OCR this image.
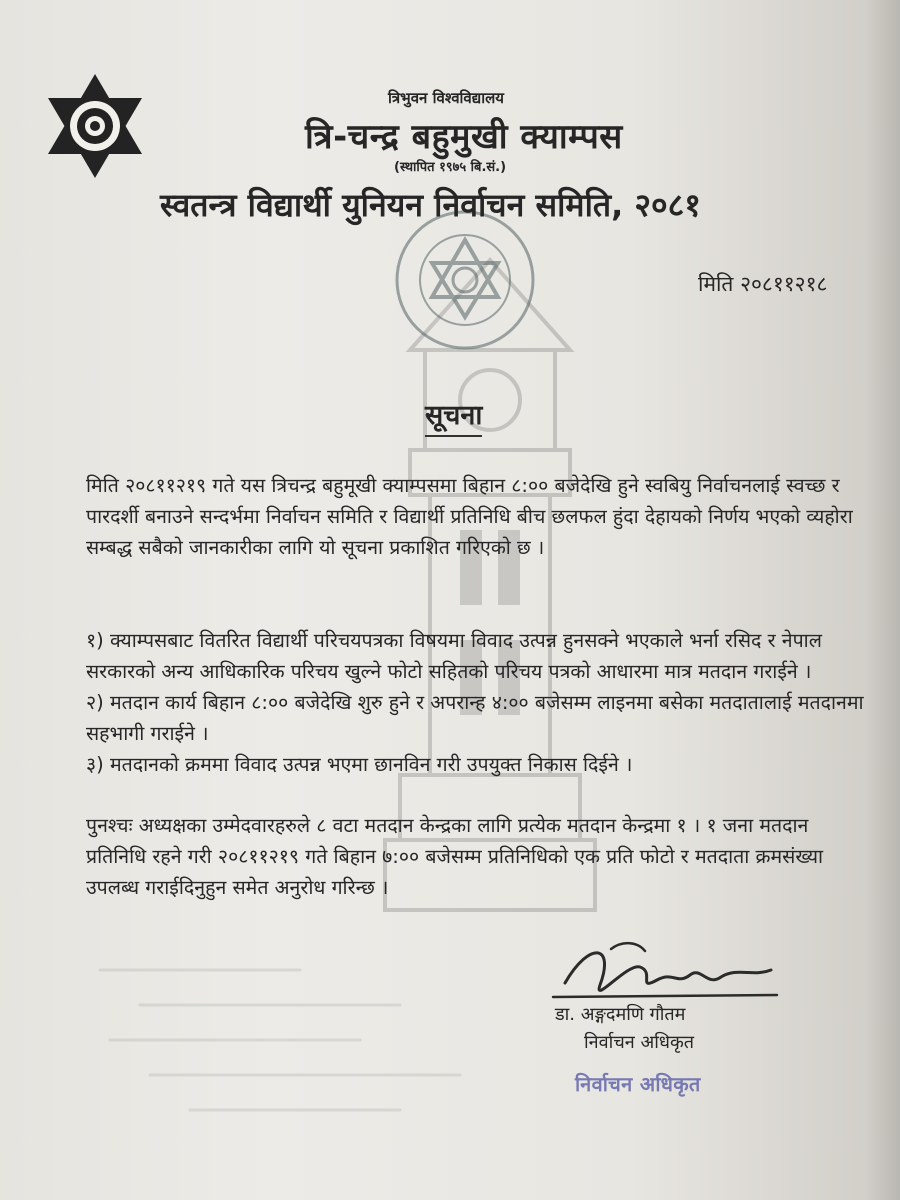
त्रिभुवन विश्वविद्यालय
त्रि-चन्द्र बहुमुखी क्याम्पस
(स्थापित १९७५ बि.सं.)
स्वतन्त्र विद्यार्थी युनियन निर्वाचन समिति, २०८१
मिति २०८११२१८
सूचना
मिति २०८११२१९ गते यस त्रिचन्द्र बहुमूखी क्याम्पसमा बिहान ८:०० बजेदेखि हुने स्वबियु निर्वाचनलाई स्वच्छ र पारदर्शी बनाउने सन्दर्भमा निर्वाचन समिति र विद्यार्थी प्रतिनिधि बीच छलफल हुंदा देहायको निर्णय भएको व्यहोरा सम्बद्ध सबैको जानकारीका लागि यो सूचना प्रकाशित गरिएको छ ।
१) क्याम्पसबाट वितरित विद्यार्थी परिचयपत्रका विषयमा विवाद उत्पन्न हुनसक्ने भएकाले भर्ना रसिद र नेपाल सरकारको अन्य आधिकारिक परिचय खुल्ने फोटो सहितको परिचय पत्रको आधारमा मात्र मतदान गराईने ।
२) मतदान कार्य बिहान ८:०० बजेदेखि शुरु हुने र अपरान्ह ४:०० बजेसम्म लाइनमा बसेका मतदातालाई मतदानमा सहभागी गराईने ।
३) मतदानको क्रममा विवाद उत्पन्न भएमा छानविन गरी उपयुक्त निकास दिईने ।
पुनश्चः अध्यक्षका उम्मेदवारहरुले ८ वटा मतदान केन्द्रका लागि प्रत्येक मतदान केन्द्रमा १ । १ जना मतदान प्रतिनिधि रहने गरी २०८११२१९ गते बिहान ७:०० बजेसम्म प्रतिनिधिको एक प्रति फोटो र मतदाता क्रमसंख्या उपलब्ध गराईदिनुहुन समेत अनुरोध गरिन्छ ।
डा. अङ्गदमणि गौतम
निर्वाचन अधिकृत
निर्वाचन अधिकृत
